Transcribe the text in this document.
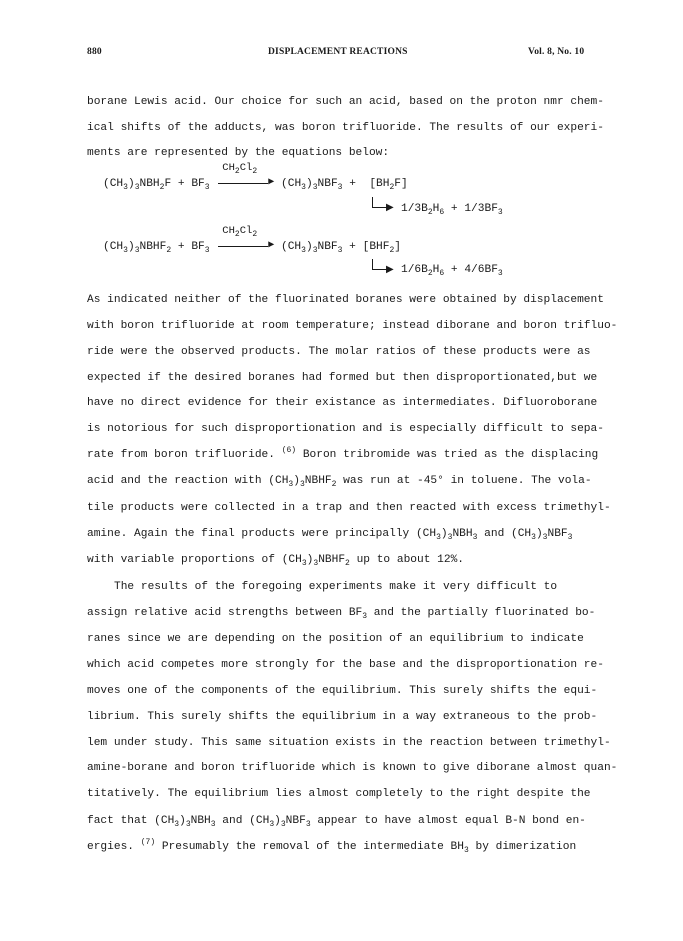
880	DISPLACEMENT REACTIONS	Vol. 8, No. 10
borane Lewis acid. Our choice for such an acid, based on the proton nmr chem-
ical shifts of the adducts, was boron trifluoride. The results of our experi-
ments are represented by the equations below:
$(CH_3)_3NBH_2F + BF_3$
$CH_2Cl_2$
▶ $(CH_3)_3NBF_3 + [BH_2F]$
▶ $1/3B_2H_6 + 1/3BF_3$
$(CH_3)_3NBHF_2 + BF_3$
$CH_2Cl_2$
▶ $(CH_3)_3NBF_3 + [BHF_2]$
▶ $1/6B_2H_6 + 4/6BF_3$
As indicated neither of the fluorinated boranes were obtained by displacement
with boron trifluoride at room temperature; instead diborane and boron trifluo-
ride were the observed products. The molar ratios of these products were as
expected if the desired boranes had formed but then disproportionated,but we
have no direct evidence for their existance as intermediates. Difluoroborane
is notorious for such disproportionation and is especially difficult to sepa-
rate from boron trifluoride. $^{(6)}$ Boron tribromide was tried as the displacing
acid and the reaction with $(CH_3)_3NBHF_2$ was run at -45° in toluene. The vola-
tile products were collected in a trap and then reacted with excess trimethyl-
amine. Again the final products were principally $(CH_3)_3NBH_3$ and $(CH_3)_3NBF_3$
with variable proportions of $(CH_3)_3NBHF_2$ up to about 12%.
The results of the foregoing experiments make it very difficult to
assign relative acid strengths between $BF_3$ and the partially fluorinated bo-
ranes since we are depending on the position of an equilibrium to indicate
which acid competes more strongly for the base and the disproportionation re-
moves one of the components of the equilibrium. This surely shifts the equi-
librium. This surely shifts the equilibrium in a way extraneous to the prob-
lem under study. This same situation exists in the reaction between trimethyl-
amine-borane and boron trifluoride which is known to give diborane almost quan-
titatively. The equilibrium lies almost completely to the right despite the
fact that $(CH_3)_3NBH_3$ and $(CH_3)_3NBF_3$ appear to have almost equal B-N bond en-
ergies. $^{(7)}$ Presumably the removal of the intermediate $BH_3$ by dimerization
